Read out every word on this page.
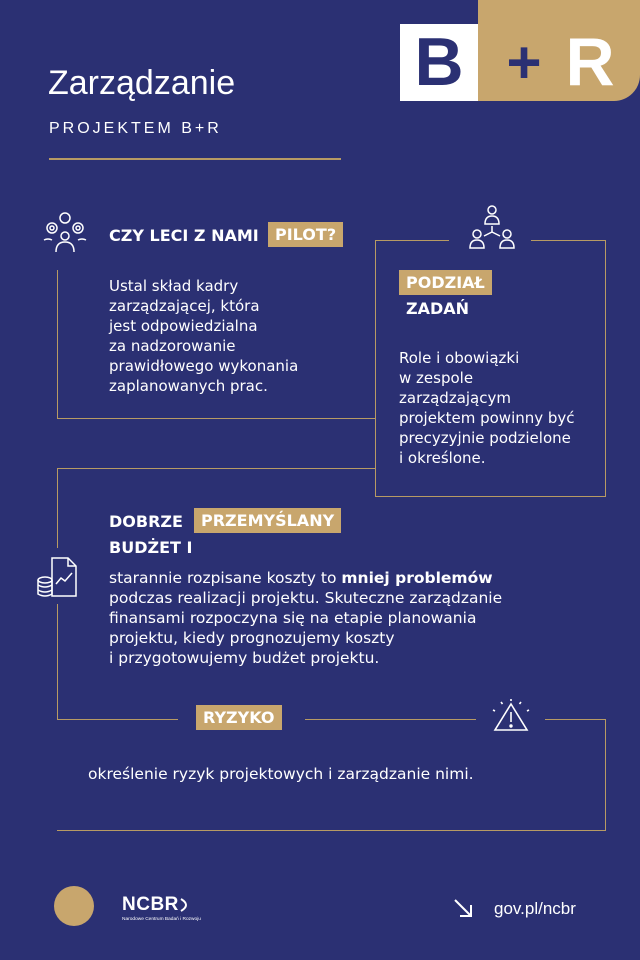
Zarządzanie
PROJEKTEM B+R
B + R
CZY LECI Z NAMI	PILOT?

Ustal skład kadry

zarządzającej, która

jest odpowiedzialna

za nadzorowanie

prawidłowego wykonania

zaplanowanych prac.

PODZIAŁ
ZADAŃ

Role i obowiązki

w zespole

zarządzającym

projektem powinny być

precyzyjnie podzielone

i określone.

DOBRZE	PRZEMYŚLANY
BUDŻET I

starannie rozpisane koszty to mniej problemów

podczas realizacji projektu. Skuteczne zarządzanie

finansami rozpoczyna się na etapie planowania

projektu, kiedy prognozujemy koszty

i przygotowujemy budżet projektu.

RYZYKO
określenie ryzyk projektowych i zarządzanie nimi.
NCBR
Narodowe Centrum Badań i Rozwoju
gov.pl/ncbr
